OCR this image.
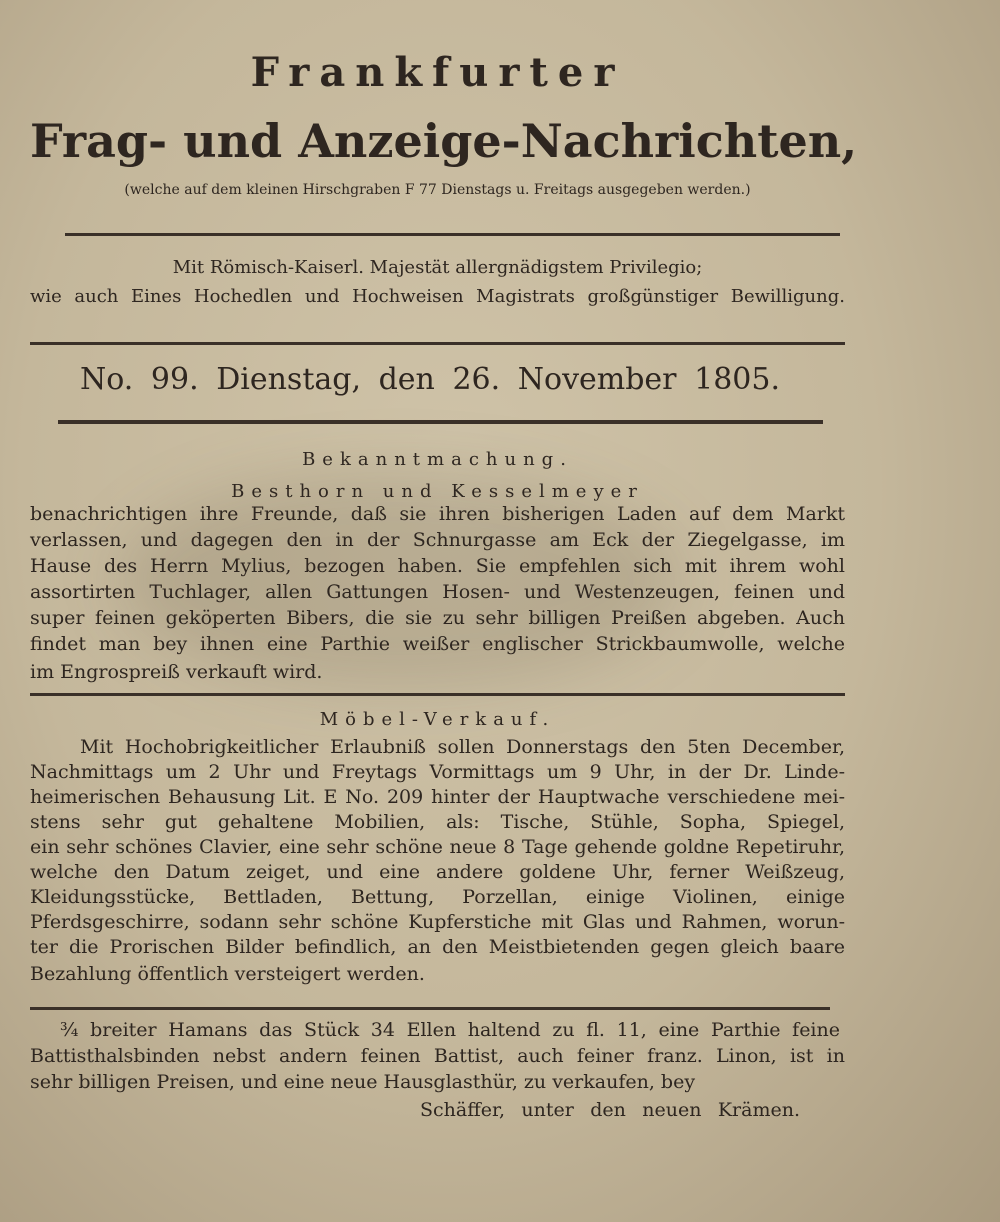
Frankfurter
Frag- und Anzeige-Nachrichten,
(welche auf dem kleinen Hirschgraben F 77 Dienstags u. Freitags ausgegeben werden.)
Mit Römisch-Kaiserl. Majestät allergnädigstem Privilegio;
wie auch Eines Hochedlen und Hochweisen Magistrats großgünstiger Bewilligung.
No. 99. Dienstag, den 26. November 1805.
Bekanntmachung.
Besthorn und Kesselmeyer
benachrichtigen ihre Freunde, daß sie ihren bisherigen Laden auf dem Markt
verlassen, und dagegen den in der Schnurgasse am Eck der Ziegelgasse, im
Hause des Herrn Mylius, bezogen haben. Sie empfehlen sich mit ihrem wohl
assortirten Tuchlager, allen Gattungen Hosen- und Westenzeugen, feinen und
super feinen geköperten Bibers, die sie zu sehr billigen Preißen abgeben. Auch
findet man bey ihnen eine Parthie weißer englischer Strickbaumwolle, welche
im Engrospreiß verkauft wird.
Möbel-Verkauf.
Mit Hochobrigkeitlicher Erlaubniß sollen Donnerstags den 5ten December,
Nachmittags um 2 Uhr und Freytags Vormittags um 9 Uhr, in der Dr. Linde-
heimerischen Behausung Lit. E No. 209 hinter der Hauptwache verschiedene mei-
stens sehr gut gehaltene Mobilien, als: Tische, Stühle, Sopha, Spiegel,
ein sehr schönes Clavier, eine sehr schöne neue 8 Tage gehende goldne Repetiruhr,
welche den Datum zeiget, und eine andere goldene Uhr, ferner Weißzeug,
Kleidungsstücke, Bettladen, Bettung, Porzellan, einige Violinen, einige
Pferdsgeschirre, sodann sehr schöne Kupferstiche mit Glas und Rahmen, worun-
ter die Prorischen Bilder befindlich, an den Meistbietenden gegen gleich baare
Bezahlung öffentlich versteigert werden.
¾ breiter Hamans das Stück 34 Ellen haltend zu fl. 11, eine Parthie feine
Battisthalsbinden nebst andern feinen Battist, auch feiner franz. Linon, ist in
sehr billigen Preisen, und eine neue Hausglasthür, zu verkaufen, bey
Schäffer, unter den neuen Krämen.
